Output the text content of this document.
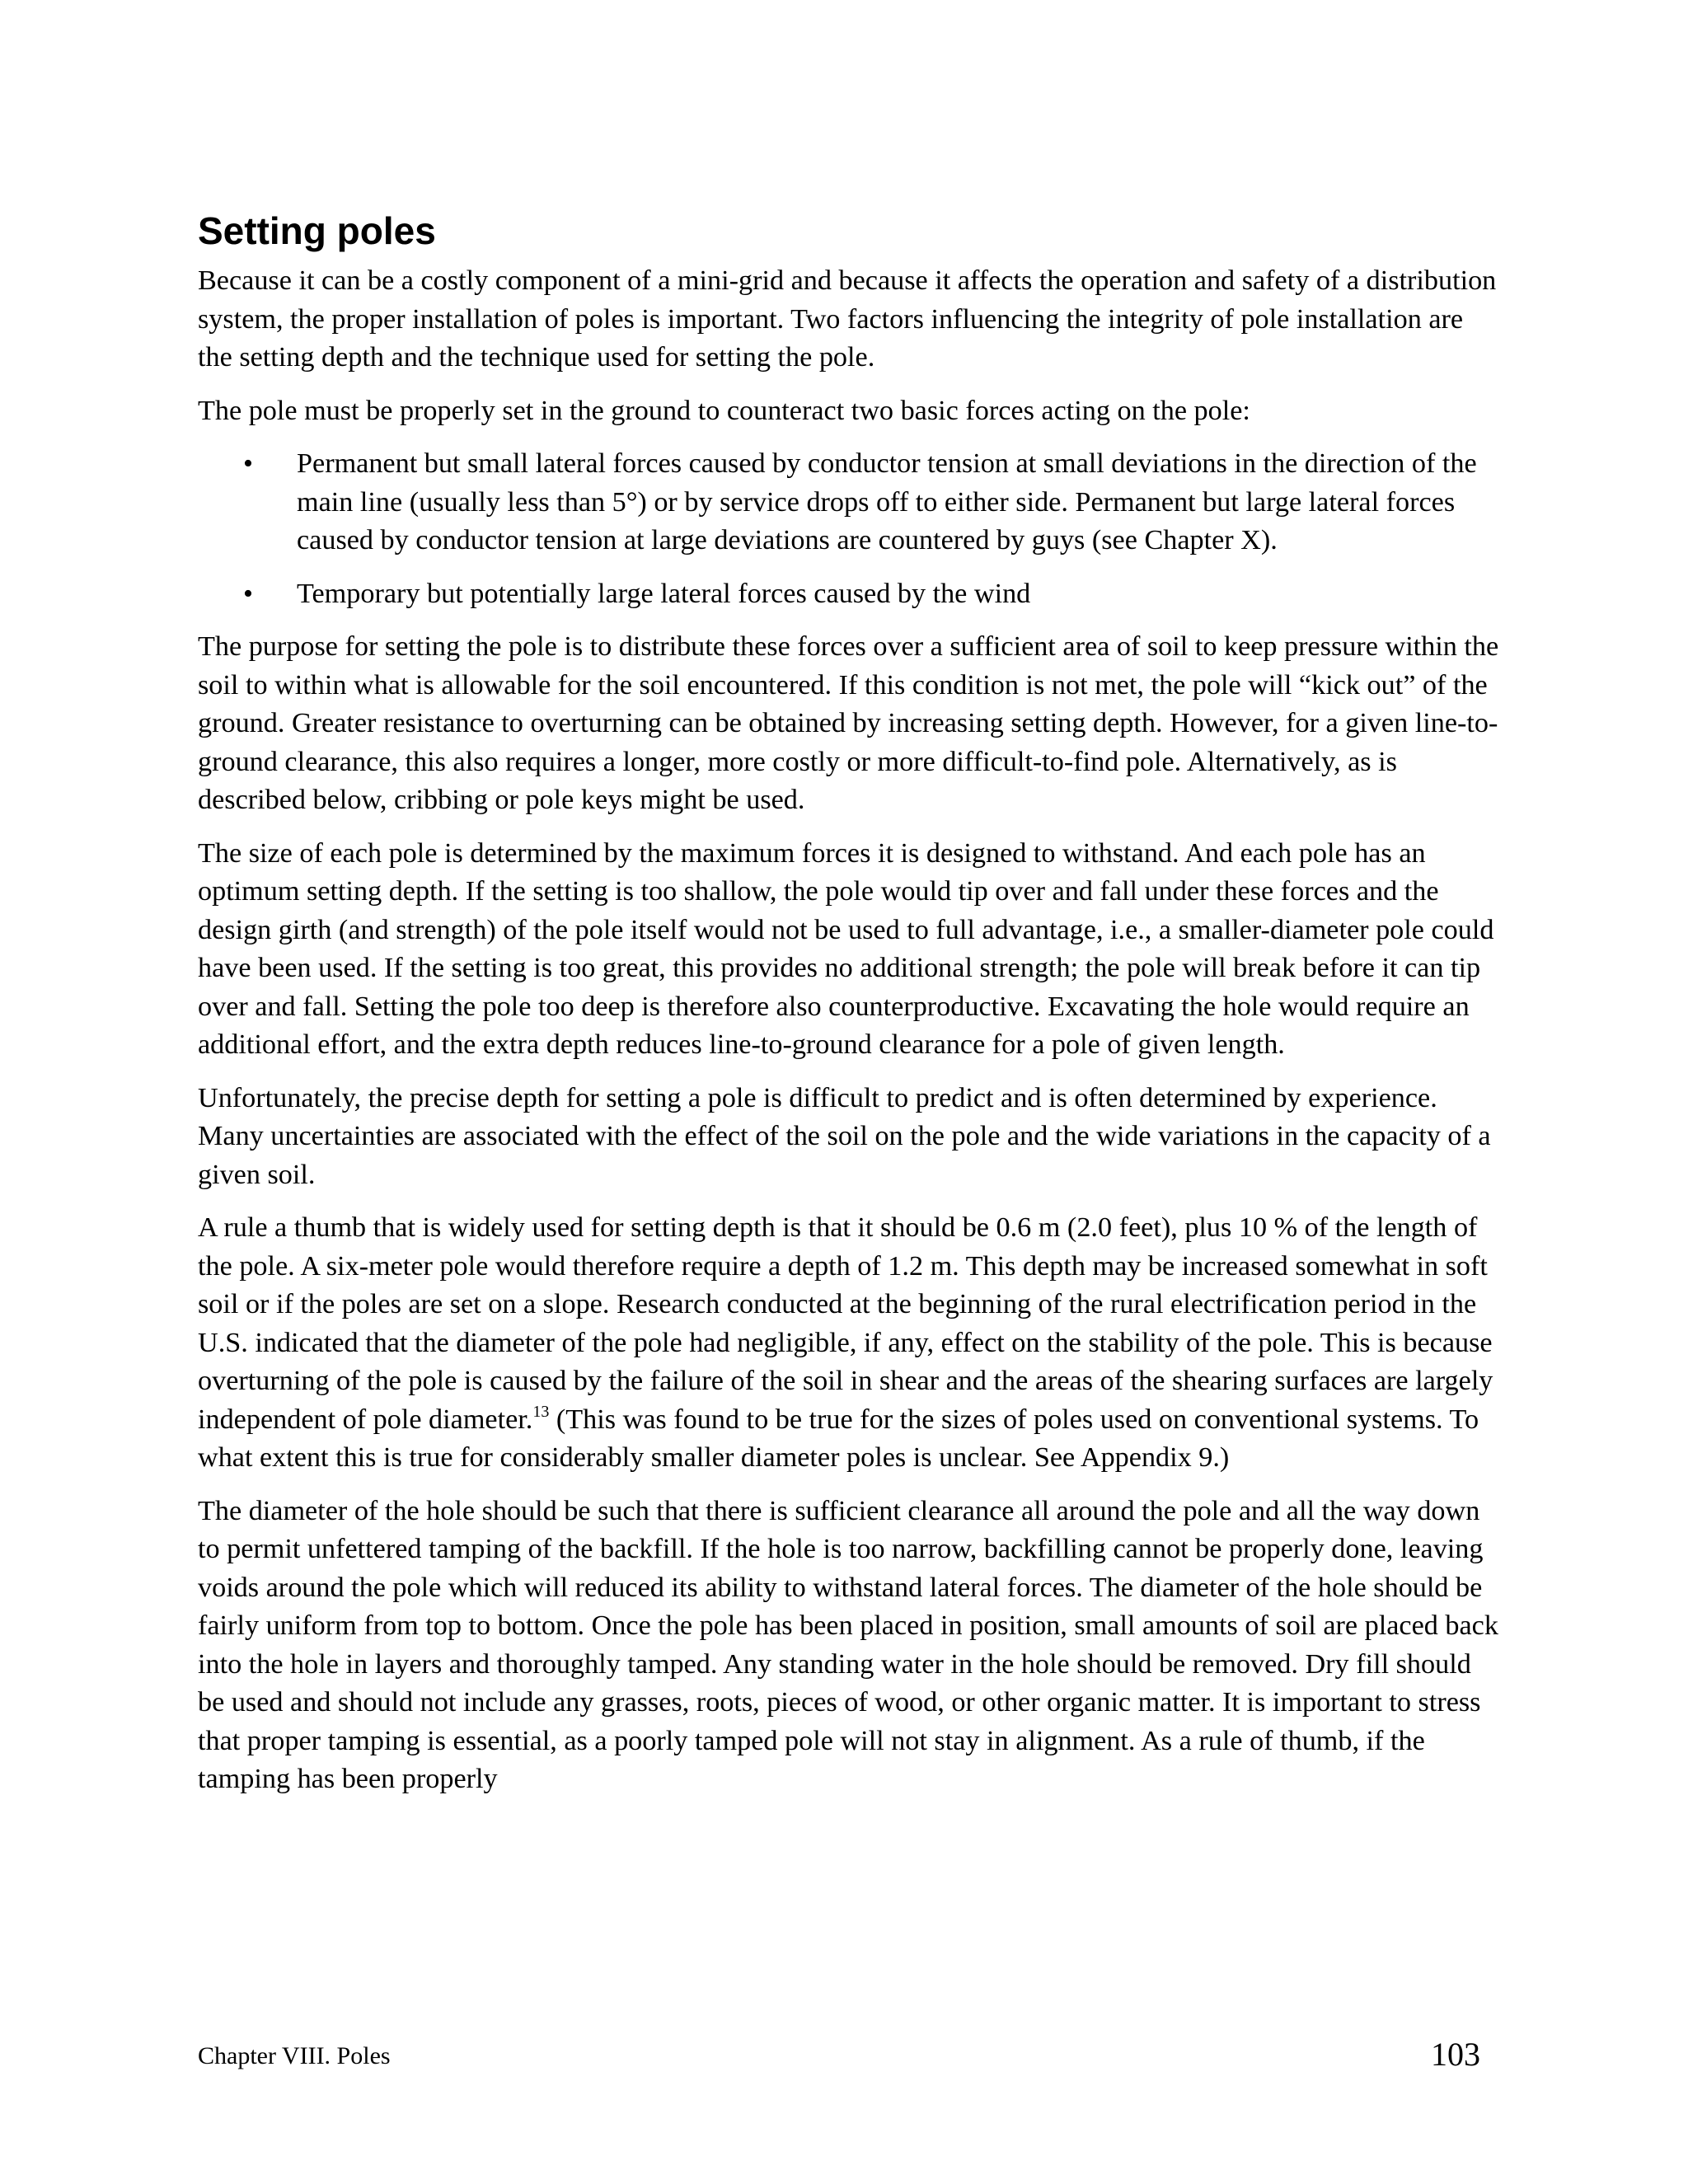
Setting poles

Because it can be a costly component of a mini-grid and because it affects the operation and safety of a distribution system, the proper installation of poles is important. Two factors influencing the integrity of pole installation are the setting depth and the technique used for setting the pole.

The pole must be properly set in the ground to counteract two basic forces acting on the pole:

• Permanent but small lateral forces caused by conductor tension at small deviations in the direction of the main line (usually less than 5°) or by service drops off to either side. Permanent but large lateral forces caused by conductor tension at large deviations are countered by guys (see Chapter X).
• Temporary but potentially large lateral forces caused by the wind

The purpose for setting the pole is to distribute these forces over a sufficient area of soil to keep pressure within the soil to within what is allowable for the soil encountered. If this condition is not met, the pole will “kick out” of the ground. Greater resistance to overturning can be obtained by increasing setting depth. However, for a given line-to-ground clearance, this also requires a longer, more costly or more difficult-to-find pole. Alternatively, as is described below, cribbing or pole keys might be used.

The size of each pole is determined by the maximum forces it is designed to withstand. And each pole has an optimum setting depth. If the setting is too shallow, the pole would tip over and fall under these forces and the design girth (and strength) of the pole itself would not be used to full advantage, i.e., a smaller-diameter pole could have been used. If the setting is too great, this provides no additional strength; the pole will break before it can tip over and fall. Setting the pole too deep is therefore also counterproductive. Excavating the hole would require an additional effort, and the extra depth reduces line-to-ground clearance for a pole of given length.

Unfortunately, the precise depth for setting a pole is difficult to predict and is often determined by experience. Many uncertainties are associated with the effect of the soil on the pole and the wide variations in the capacity of a given soil.

A rule a thumb that is widely used for setting depth is that it should be 0.6 m (2.0 feet), plus 10 % of the length of the pole. A six-meter pole would therefore require a depth of 1.2 m. This depth may be increased somewhat in soft soil or if the poles are set on a slope. Research conducted at the beginning of the rural electrification period in the U.S. indicated that the diameter of the pole had negligible, if any, effect on the stability of the pole. This is because overturning of the pole is caused by the failure of the soil in shear and the areas of the shearing surfaces are largely independent of pole diameter.$^{13}$ (This was found to be true for the sizes of poles used on conventional systems. To what extent this is true for considerably smaller diameter poles is unclear. See Appendix 9.)

The diameter of the hole should be such that there is sufficient clearance all around the pole and all the way down to permit unfettered tamping of the backfill. If the hole is too narrow, backfilling cannot be properly done, leaving voids around the pole which will reduced its ability to withstand lateral forces. The diameter of the hole should be fairly uniform from top to bottom. Once the pole has been placed in position, small amounts of soil are placed back into the hole in layers and thoroughly tamped. Any standing water in the hole should be removed. Dry fill should be used and should not include any grasses, roots, pieces of wood, or other organic matter. It is important to stress that proper tamping is essential, as a poorly tamped pole will not stay in alignment. As a rule of thumb, if the tamping has been properly

Chapter VIII. Poles	103
